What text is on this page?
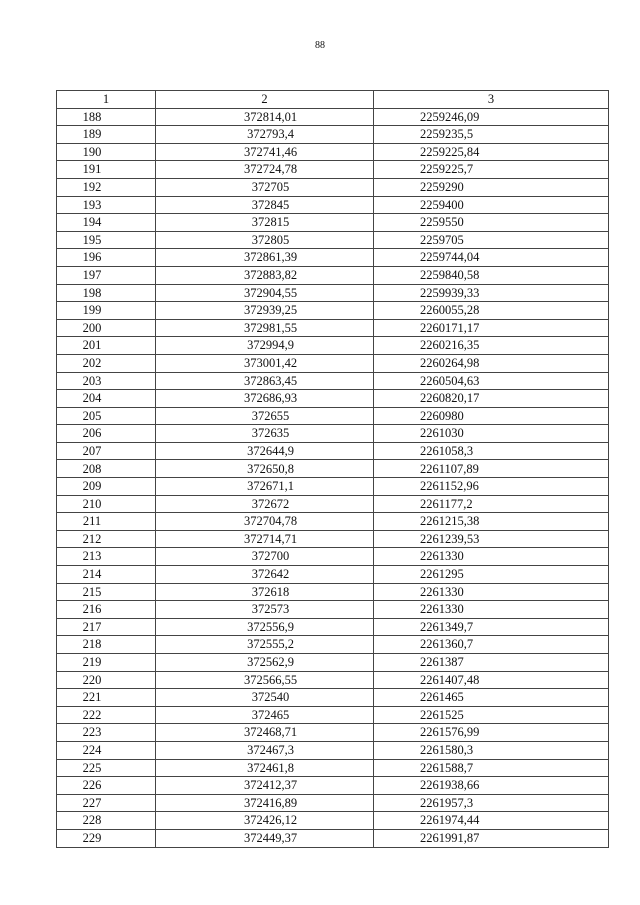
88
1	2	3
188	372814,01	2259246,09
189	372793,4	2259235,5
190	372741,46	2259225,84
191	372724,78	2259225,7
192	372705	2259290
193	372845	2259400
194	372815	2259550
195	372805	2259705
196	372861,39	2259744,04
197	372883,82	2259840,58
198	372904,55	2259939,33
199	372939,25	2260055,28
200	372981,55	2260171,17
201	372994,9	2260216,35
202	373001,42	2260264,98
203	372863,45	2260504,63
204	372686,93	2260820,17
205	372655	2260980
206	372635	2261030
207	372644,9	2261058,3
208	372650,8	2261107,89
209	372671,1	2261152,96
210	372672	2261177,2
211	372704,78	2261215,38
212	372714,71	2261239,53
213	372700	2261330
214	372642	2261295
215	372618	2261330
216	372573	2261330
217	372556,9	2261349,7
218	372555,2	2261360,7
219	372562,9	2261387
220	372566,55	2261407,48
221	372540	2261465
222	372465	2261525
223	372468,71	2261576,99
224	372467,3	2261580,3
225	372461,8	2261588,7
226	372412,37	2261938,66
227	372416,89	2261957,3
228	372426,12	2261974,44
229	372449,37	2261991,87
